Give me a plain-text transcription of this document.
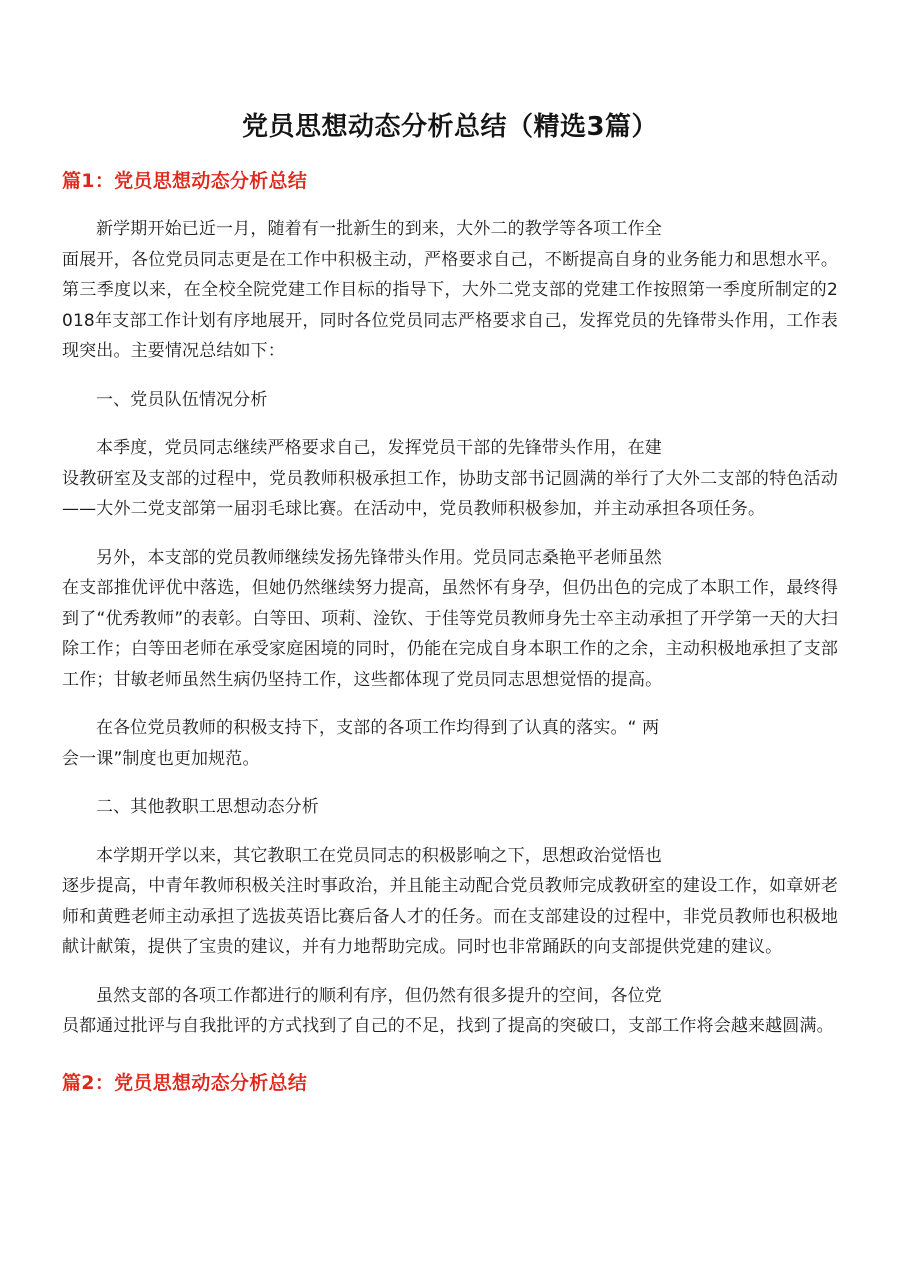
党员思想动态分析总结（精选3篇）
篇1：党员思想动态分析总结

新学期开始已近一月，随着有一批新生的到来，大外二的教学等各项工作全
面展开，各位党员同志更是在工作中积极主动，严格要求自己，不断提高自身的业务能力和思想水平。第三季度以来，在全校全院党建工作目标的指导下，大外二党支部的党建工作按照第一季度所制定的2018年支部工作计划有序地展开，同时各位党员同志严格要求自己，发挥党员的先锋带头作用，工作表现突出。主要情况总结如下：

一、党员队伍情况分析

本季度，党员同志继续严格要求自己，发挥党员干部的先锋带头作用，在建
设教研室及支部的过程中，党员教师积极承担工作，协助支部书记圆满的举行了大外二支部的特色活动——大外二党支部第一届羽毛球比赛。在活动中，党员教师积极参加，并主动承担各项任务。

另外，本支部的党员教师继续发扬先锋带头作用。党员同志桑艳平老师虽然
在支部推优评优中落选，但她仍然继续努力提高，虽然怀有身孕，但仍出色的完成了本职工作，最终得到了“优秀教师”的表彰。白等田、项莉、淦钦、于佳等党员教师身先士卒主动承担了开学第一天的大扫除工作；白等田老师在承受家庭困境的同时，仍能在完成自身本职工作的之余，主动积极地承担了支部工作；甘敏老师虽然生病仍坚持工作，这些都体现了党员同志思想觉悟的提高。

在各位党员教师的积极支持下，支部的各项工作均得到了认真的落实。“ 两
会一课”制度也更加规范。

二、其他教职工思想动态分析

本学期开学以来，其它教职工在党员同志的积极影响之下，思想政治觉悟也
逐步提高，中青年教师积极关注时事政治，并且能主动配合党员教师完成教研室的建设工作，如章妍老师和黄甦老师主动承担了选拔英语比赛后备人才的任务。而在支部建设的过程中，非党员教师也积极地献计献策，提供了宝贵的建议，并有力地帮助完成。同时也非常踊跃的向支部提供党建的建议。

虽然支部的各项工作都进行的顺利有序，但仍然有很多提升的空间，各位党
员都通过批评与自我批评的方式找到了自己的不足，找到了提高的突破口，支部工作将会越来越圆满。

篇2：党员思想动态分析总结
